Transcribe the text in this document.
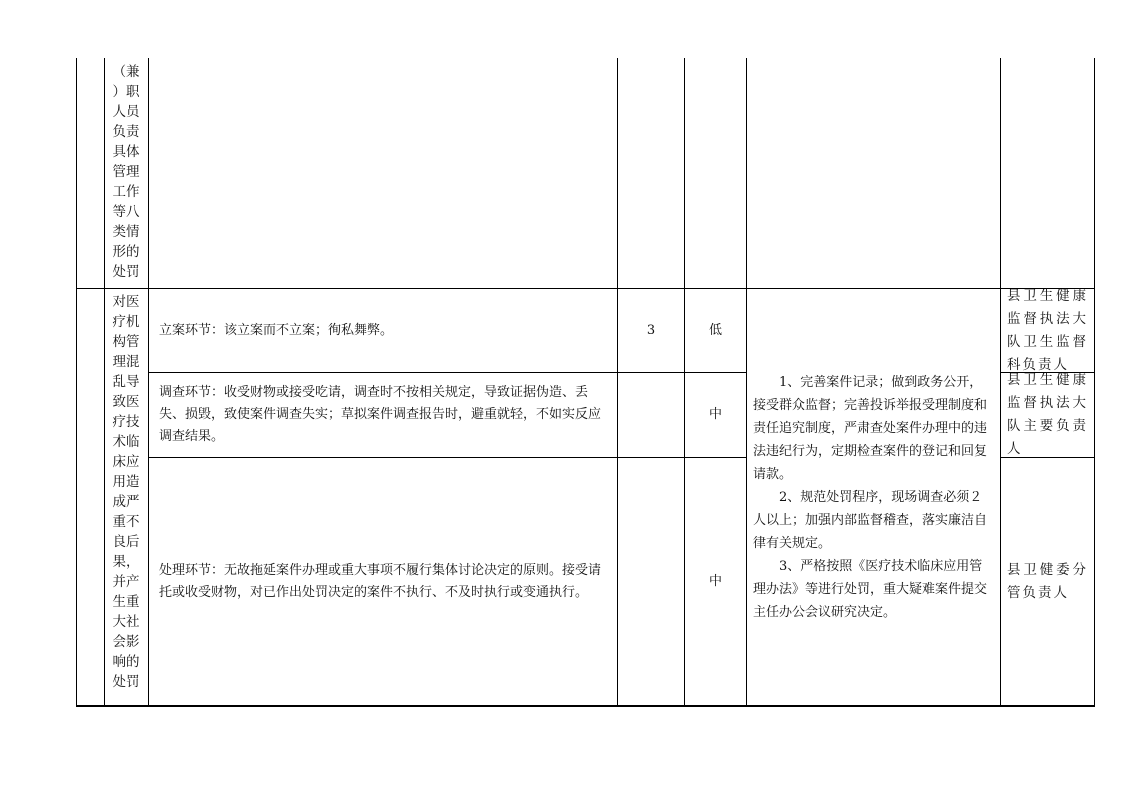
（兼
）职
人员
负责
具体
管理
工作
等八
类情
形的
处罚
对医
疗机
构管
理混
乱导
致医
疗技
术临
床应
用造
成严
重不
良后
果，
并产
生重
大社
会影
响的
处罚
立案环节：该立案而不立案；徇私舞弊。	3	低
县卫生健康监督执法大队卫生监督科负责人
调查环节：收受财物或接受吃请，调查时不按相关规定，导致证据伪造、丢失、损毁，致使案件调查失实；草拟案件调查报告时，避重就轻，不如实反应调查结果。
中
县卫生健康监督执法大队主要负责人
处理环节：无故拖延案件办理或重大事项不履行集体讨论决定的原则。接受请托或收受财物，对已作出处罚决定的案件不执行、不及时执行或变通执行。
中
县卫健委分管负责人

1、完善案件记录；做到政务公开，接受群众监督；完善投诉举报受理制度和责任追究制度，严肃查处案件办理中的违法违纪行为，定期检查案件的登记和回复请款。

2、规范处罚程序，现场调查必须２人以上；加强内部监督稽查，落实廉洁自律有关规定。

3、严格按照《医疗技术临床应用管理办法》等进行处罚，重大疑难案件提交主任办公会议研究决定。
